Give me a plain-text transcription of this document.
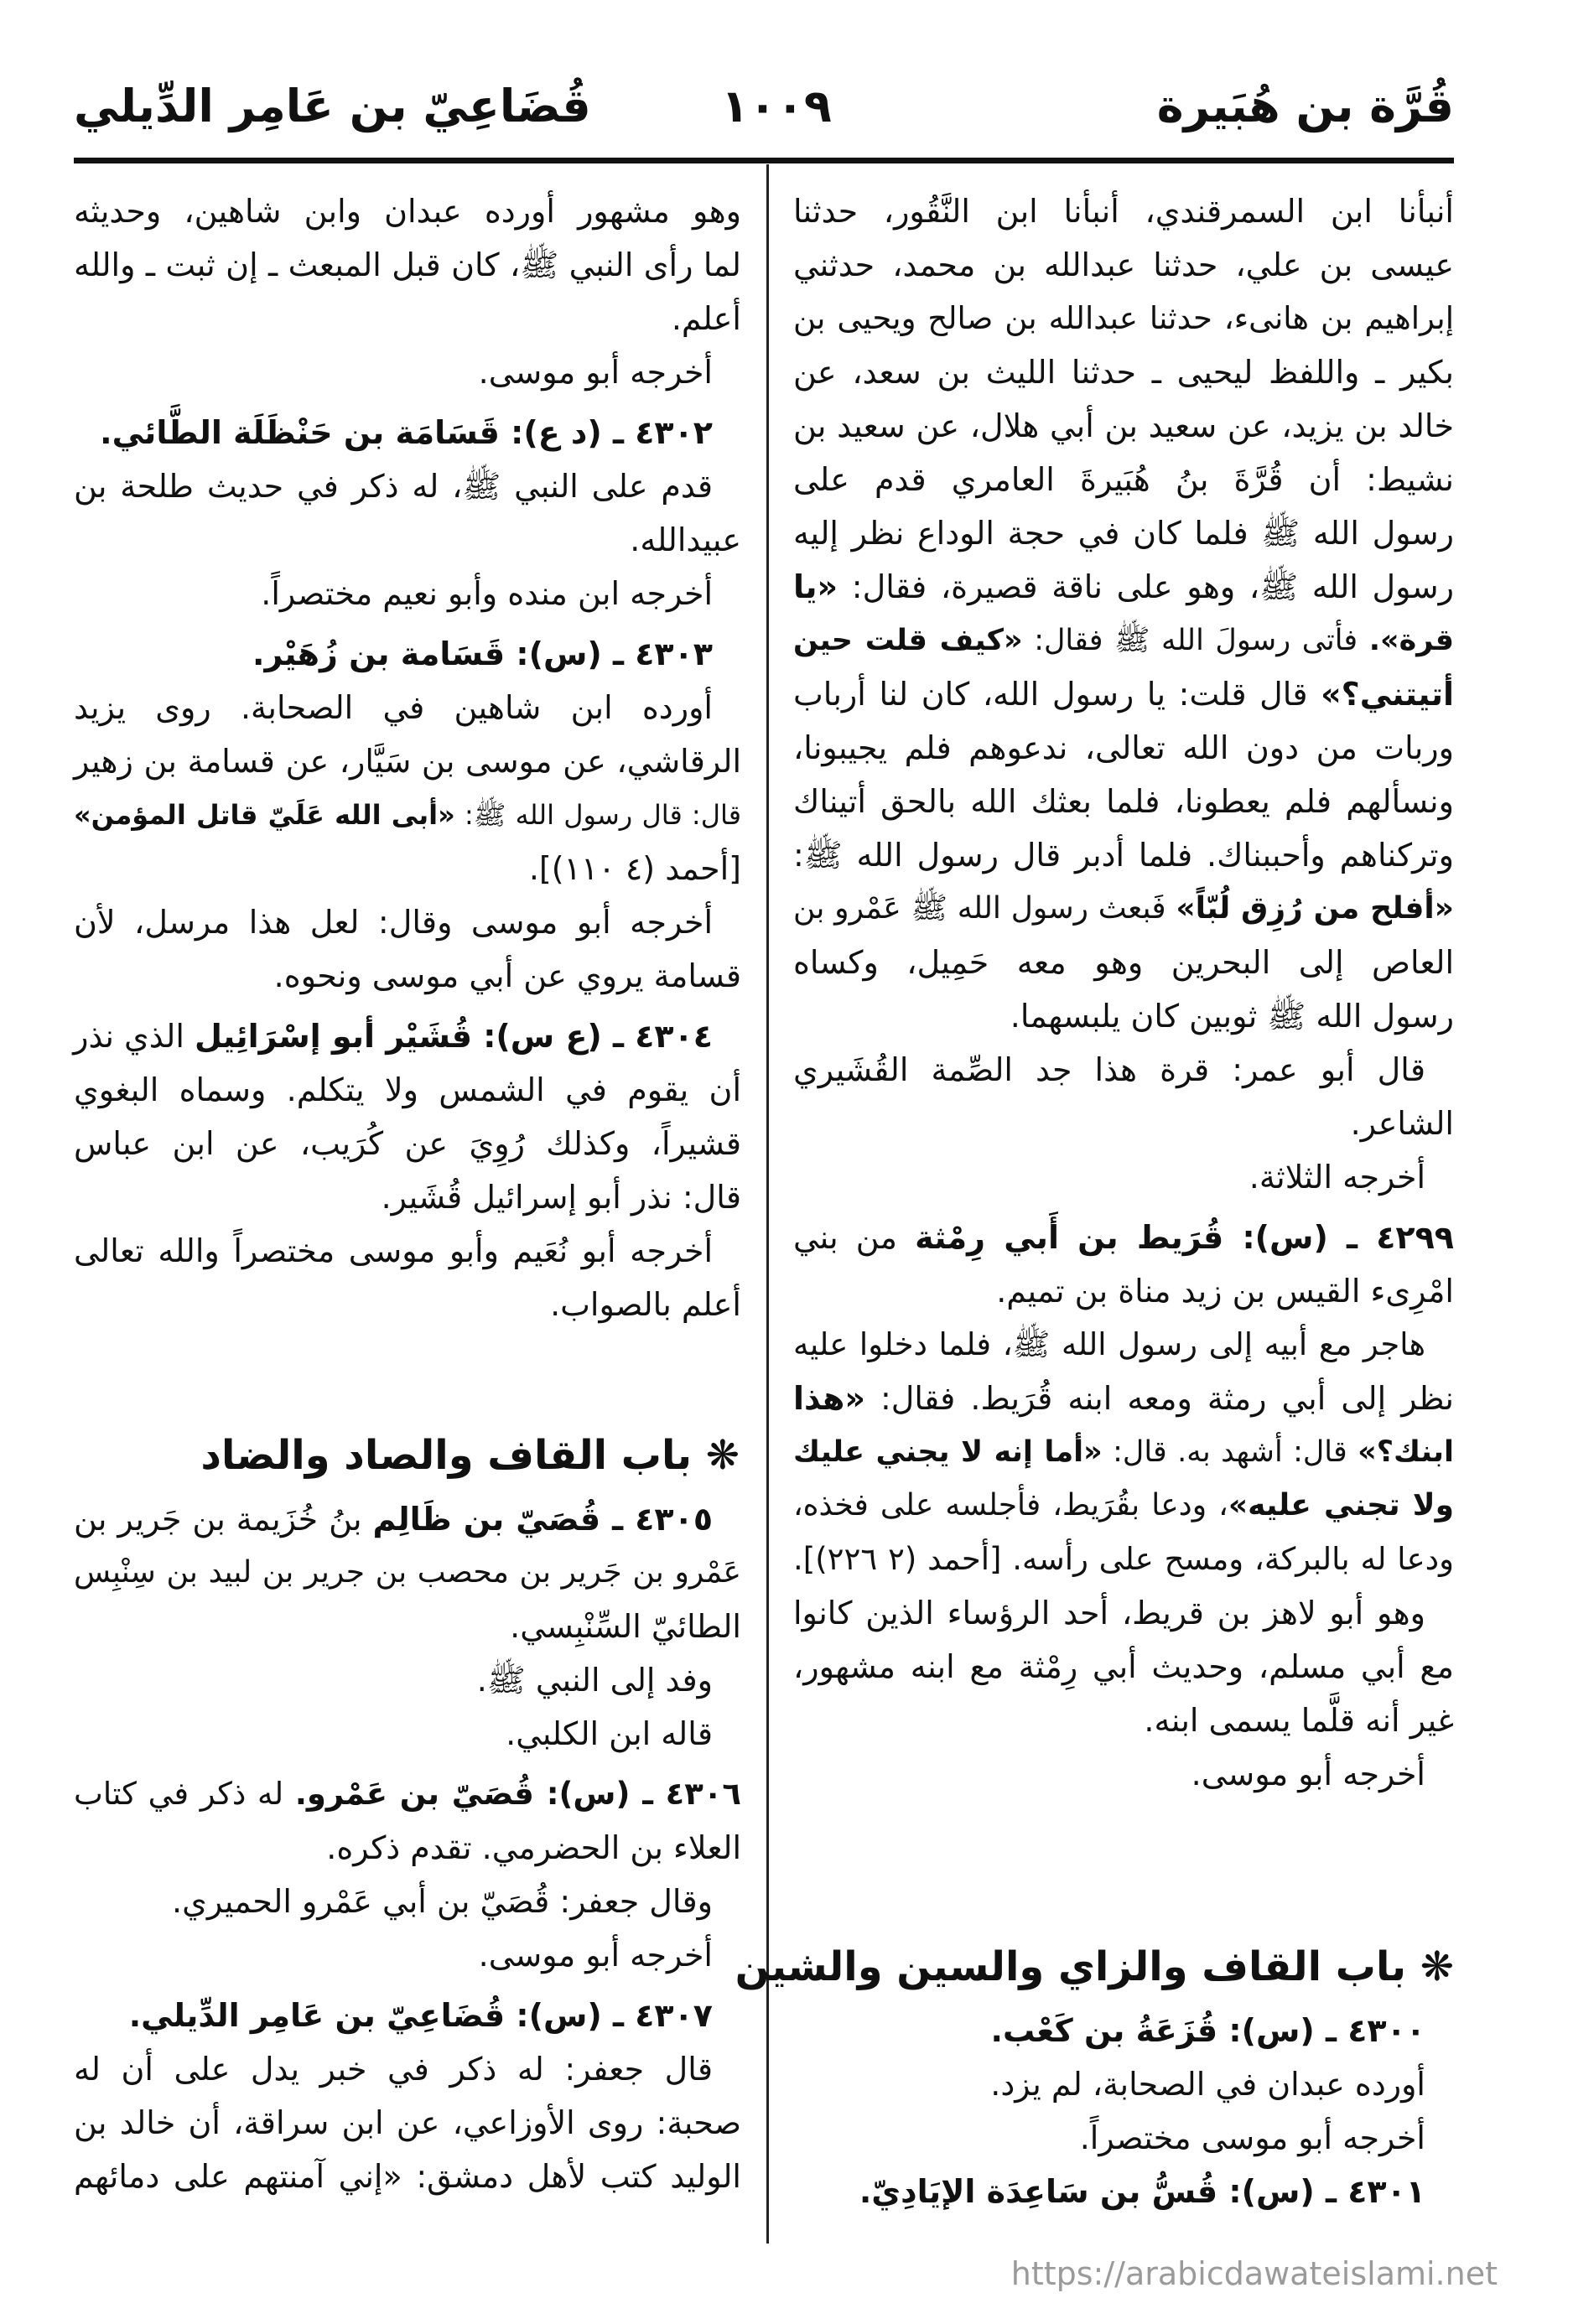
قُرَّة بن هُبَيرة
١٠٠٩
قُضَاعِيّ بن عَامِر الدِّيلي
أنبأنا ابن السمرقندي، أنبأنا ابن النَّقُور، حدثنا
عيسى بن علي، حدثنا عبدالله بن محمد، حدثني
إبراهيم بن هانىء، حدثنا عبدالله بن صالح ويحيى بن
بكير ـ واللفظ ليحيى ـ حدثنا الليث بن سعد، عن
خالد بن يزيد، عن سعيد بن أبي هلال، عن سعيد بن
نشيط: أن قُرَّةَ بنُ هُبَيرةَ العامري قدم على
رسول الله ﷺ فلما كان في حجة الوداع نظر إليه
رسول الله ﷺ، وهو على ناقة قصيرة، فقال: «يا
قرة». فأتى رسولَ الله ﷺ فقال: «كيف قلت حين
أتيتني؟» قال قلت: يا رسول الله، كان لنا أرباب
وربات من دون الله تعالى، ندعوهم فلم يجيبونا،
ونسألهم فلم يعطونا، فلما بعثك الله بالحق أتيناك
وتركناهم وأحببناك. فلما أدبر قال رسول الله ﷺ:
«أفلح من رُزِق لُبّاً» فَبعث رسول الله ﷺ عَمْرو بن
العاص إلى البحرين وهو معه حَمِيل، وكساه
رسول الله ﷺ ثوبين كان يلبسهما.
قال أبو عمر: قرة هذا جد الصِّمة القُشَيري
الشاعر.
أخرجه الثلاثة.
٤٢٩٩ ـ (س): قُرَيط بن أَبي رِمْثة من بني
امْرِىء القيس بن زيد مناة بن تميم.
هاجر مع أبيه إلى رسول الله ﷺ، فلما دخلوا عليه
نظر إلى أبي رمثة ومعه ابنه قُرَيط. فقال: «هذا
ابنك؟» قال: أشهد به. قال: «أما إنه لا يجني عليك
ولا تجني عليه»، ودعا بقُرَيط، فأجلسه على فخذه،
ودعا له بالبركة، ومسح على رأسه. [أحمد (٢ ٢٢٦)].
وهو أبو لاهز بن قريط، أحد الرؤساء الذين كانوا
مع أبي مسلم، وحديث أبي رِمْثة مع ابنه مشهور،
غير أنه قلَّما يسمى ابنه.
أخرجه أبو موسى.
❋ باب القاف والزاي والسين والشين
٤٣٠٠ ـ (س): قُزَعَةُ بن كَعْب.
أورده عبدان في الصحابة، لم يزد.
أخرجه أبو موسى مختصراً.
٤٣٠١ ـ (س): قُسُّ بن سَاعِدَة الإيَادِيّ.
وهو مشهور أورده عبدان وابن شاهين، وحديثه
لما رأى النبي ﷺ، كان قبل المبعث ـ إن ثبت ـ والله
أعلم.
أخرجه أبو موسى.
٤٣٠٢ ـ (د ع): قَسَامَة بن حَنْظَلَة الطَّائي.
قدم على النبي ﷺ، له ذكر في حديث طلحة بن
عبيدالله.
أخرجه ابن منده وأبو نعيم مختصراً.
٤٣٠٣ ـ (س): قَسَامة بن زُهَيْر.
أورده ابن شاهين في الصحابة. روى يزيد
الرقاشي، عن موسى بن سَيَّار، عن قسامة بن زهير
قال: قال رسول الله ﷺ: «أبى الله عَلَيّ قاتل المؤمن»
[أحمد (٤ ١١٠)].
أخرجه أبو موسى وقال: لعل هذا مرسل، لأن
قسامة يروي عن أبي موسى ونحوه.
٤٣٠٤ ـ (ع س): قُشَيْر أبو إسْرَائِيل الذي نذر
أن يقوم في الشمس ولا يتكلم. وسماه البغوي
قشيراً، وكذلك رُوِيَ عن كُرَيب، عن ابن عباس
قال: نذر أبو إسرائيل قُشَير.
أخرجه أبو نُعَيم وأبو موسى مختصراً والله تعالى
أعلم بالصواب.
❋ باب القاف والصاد والضاد
٤٣٠٥ ـ قُصَيّ بن ظَالِم بنُ خُزَيمة بن جَرير بن
عَمْرو بن جَرير بن محصب بن جرير بن لبيد بن سِنْبِس
الطائيّ السِّنْبِسي.
وفد إلى النبي ﷺ.
قاله ابن الكلبي.
٤٣٠٦ ـ (س): قُصَيّ بن عَمْرو. له ذكر في كتاب
العلاء بن الحضرمي. تقدم ذكره.
وقال جعفر: قُصَيّ بن أبي عَمْرو الحميري.
أخرجه أبو موسى.
٤٣٠٧ ـ (س): قُضَاعِيّ بن عَامِر الدِّيلي.
قال جعفر: له ذكر في خبر يدل على أن له
صحبة: روى الأوزاعي، عن ابن سراقة، أن خالد بن
الوليد كتب لأهل دمشق: «إني آمنتهم على دمائهم
https://arabicdawateislami.net
